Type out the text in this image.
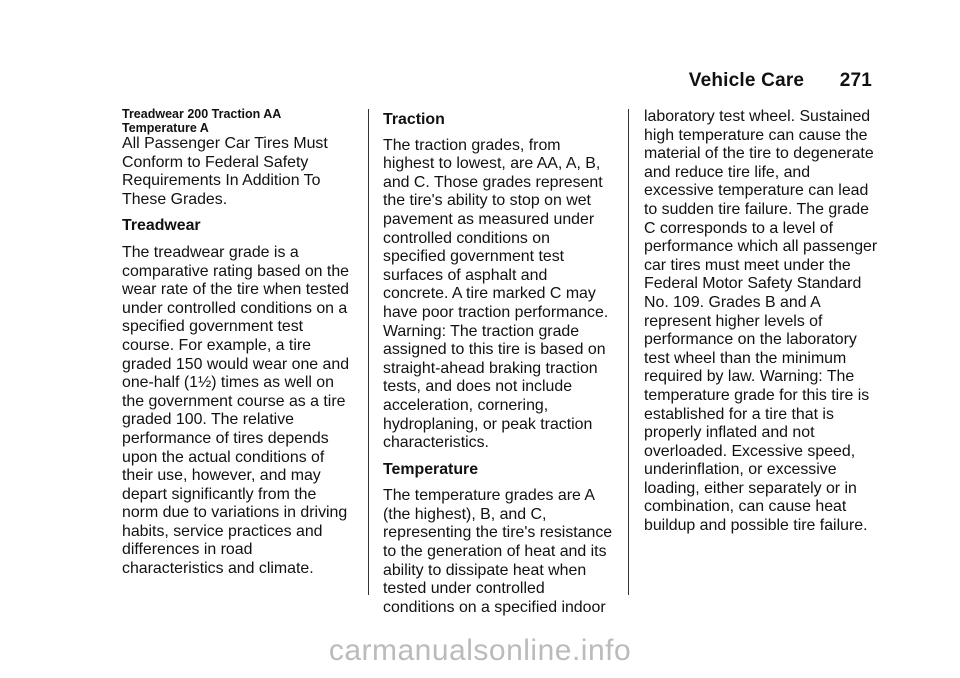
Vehicle Care 271

Treadwear 200 Traction AA Temperature A

All Passenger Car Tires Must Conform to Federal Safety Requirements In Addition To These Grades.

Treadwear

The treadwear grade is a comparative rating based on the wear rate of the tire when tested under controlled conditions on a specified government test course. For example, a tire graded 150 would wear one and one-half (1½) times as well on the government course as a tire graded 100. The relative performance of tires depends upon the actual conditions of their use, however, and may depart significantly from the norm due to variations in driving habits, service practices and differences in road characteristics and climate.

Traction

The traction grades, from highest to lowest, are AA, A, B, and C. Those grades represent the tire's ability to stop on wet pavement as measured under controlled conditions on specified government test surfaces of asphalt and concrete. A tire marked C may have poor traction performance. Warning: The traction grade assigned to this tire is based on straight-ahead braking traction tests, and does not include acceleration, cornering, hydroplaning, or peak traction characteristics.

Temperature

The temperature grades are A (the highest), B, and C, representing the tire's resistance to the generation of heat and its ability to dissipate heat when tested under controlled conditions on a specified indoor

laboratory test wheel. Sustained high temperature can cause the material of the tire to degenerate and reduce tire life, and excessive temperature can lead to sudden tire failure. The grade C corresponds to a level of performance which all passenger car tires must meet under the Federal Motor Safety Standard No. 109. Grades B and A represent higher levels of performance on the laboratory test wheel than the minimum required by law. Warning: The temperature grade for this tire is established for a tire that is properly inflated and not overloaded. Excessive speed, underinflation, or excessive loading, either separately or in combination, can cause heat buildup and possible tire failure.

carmanualsonline.info
